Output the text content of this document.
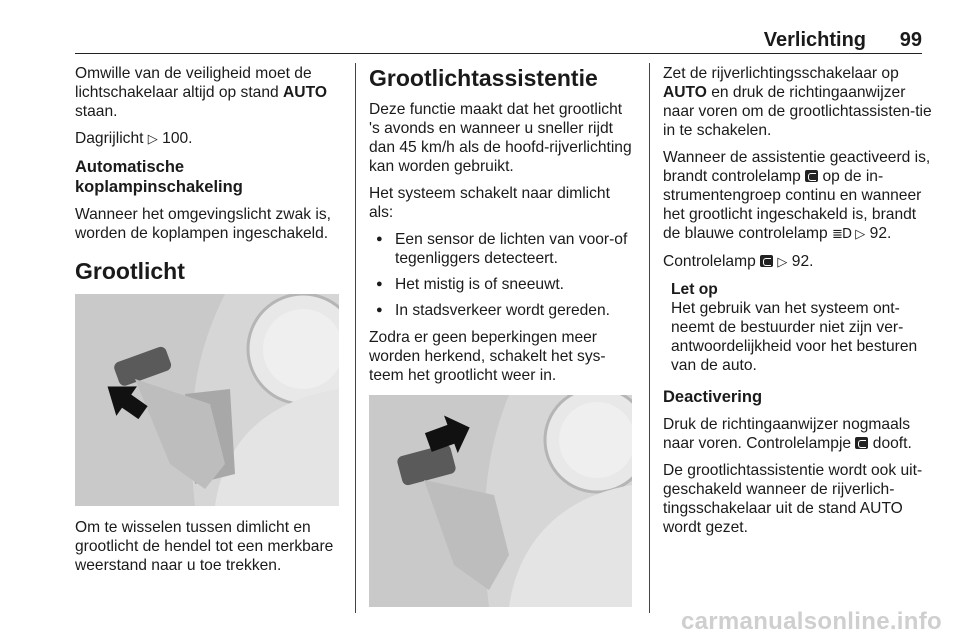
Verlichting 99

Omwille van de veiligheid moet de lichtschakelaar altijd op stand AUTO staan.

Dagrijlicht ▷ 100.

Automatische koplampinschakeling

Wanneer het omgevingslicht zwak is, worden de koplampen ingeschakeld.

Grootlicht
Om te wisselen tussen dimlicht en grootlicht de hendel tot een merkbare weerstand naar u toe trekken.
Grootlichtassistentie

Deze functie maakt dat het grootlicht 's avonds en wanneer u sneller rijdt dan 45 km/h als de hoofd-rijverlichting kan worden gebruikt.

Het systeem schakelt naar dimlicht als:

● Een sensor de lichten van voor-of tegenliggers detecteert.
● Het mistig is of sneeuwt.
● In stadsverkeer wordt gereden.

Zodra er geen beperkingen meer worden herkend, schakelt het sys-teem het grootlicht weer in.

Zet de rijverlichtingsschakelaar op AUTO en druk de richtingaanwijzer naar voren om de grootlichtassisten-tie in te schakelen.

Wanneer de assistentie geactiveerd is, brandt controlelamp  op de in-strumentengroep continu en wanneer het grootlicht ingeschakeld is, brandt de blauwe controlelamp ≣D ▷ 92.

Controlelamp  ▷ 92.

Let op
Het gebruik van het systeem ont-neemt de bestuurder niet zijn ver-antwoordelijkheid voor het besturen van de auto.
Deactivering

Druk de richtingaanwijzer nogmaals naar voren. Controlelampje  dooft.

De grootlichtassistentie wordt ook uit-geschakeld wanneer de rijverlich-tingsschakelaar uit de stand AUTO wordt gezet.

carmanualsonline.info
